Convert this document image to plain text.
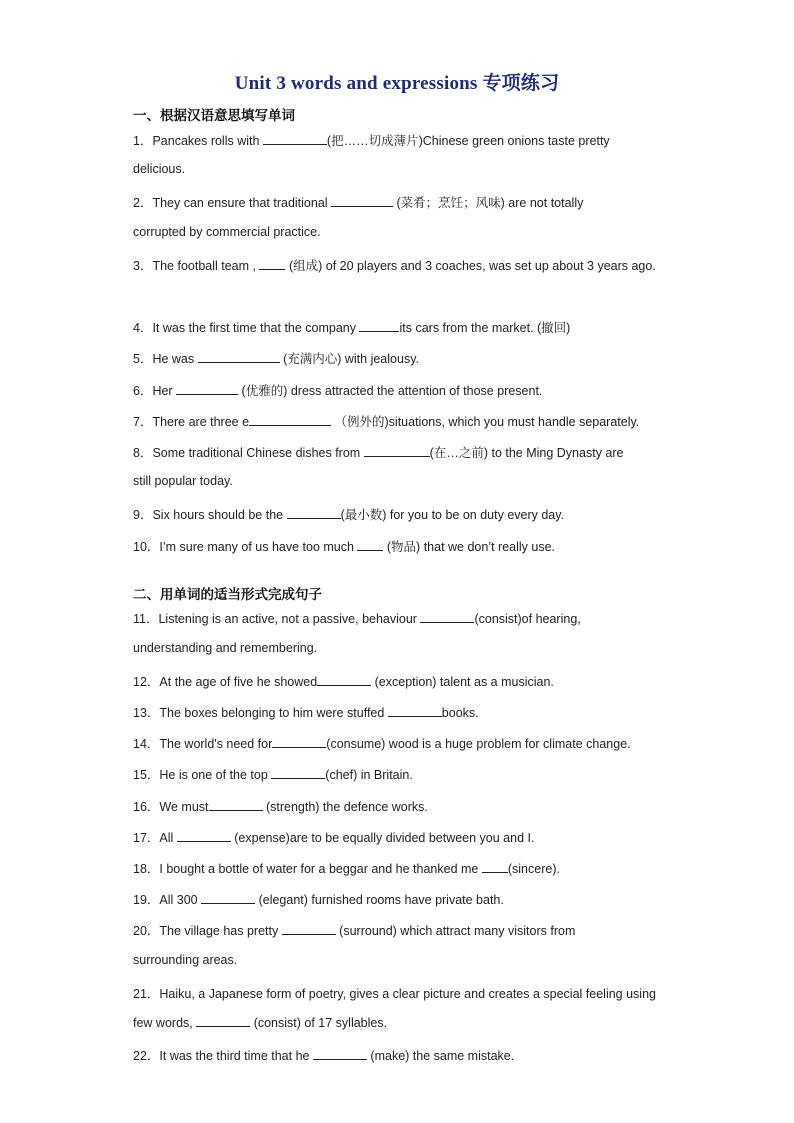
Unit 3 words and expressions 专项练习
一、根据汉语意思填写单词
1．Pancakes rolls with	(把……切成薄片)Chinese green onions taste pretty
delicious.
2．They can ensure that traditional	(菜肴；烹饪；风味) are not totally
corrupted by commercial practice.
3．The football team ,  (组成) of 20 players and 3 coaches, was set up about 3 years ago.
4．It was the first time that the company	its cars from the market. (撤回)
5．He was	(充满内心) with jealousy.
6．Her	(优雅的) dress attracted the attention of those present.
7．There are three e	（例外的)situations, which you must handle separately.
8．Some traditional Chinese dishes from	(在…之前) to the Ming Dynasty are
still popular today.
9．Six hours should be the	(最小数) for you to be on duty every day.
10．I’m sure many of us have too much  (物品) that we don’t really use.
二、用单词的适当形式完成句子
11．Listening is an active, not a passive, behaviour	(consist)of hearing,
understanding and remembering.
12．At the age of five he showed	(exception) talent as a musician.
13．The boxes belonging to him were stuffed	books.
14．The world's need for	(consume) wood is a huge problem for climate change.
15．He is one of the top	(chef) in Britain.
16．We must	(strength) the defence works.
17．All	(expense)are to be equally divided between you and I.
18．I bought a bottle of water for a beggar and he thanked me (sincere).
19．All 300	(elegant) furnished rooms have private bath.
20．The village has pretty	(surround) which attract many visitors from
surrounding areas.
21．Haiku, a Japanese form of poetry, gives a clear picture and creates a special feeling using
few words,	(consist) of 17 syllables.
22．It was the third time that he	(make) the same mistake.
